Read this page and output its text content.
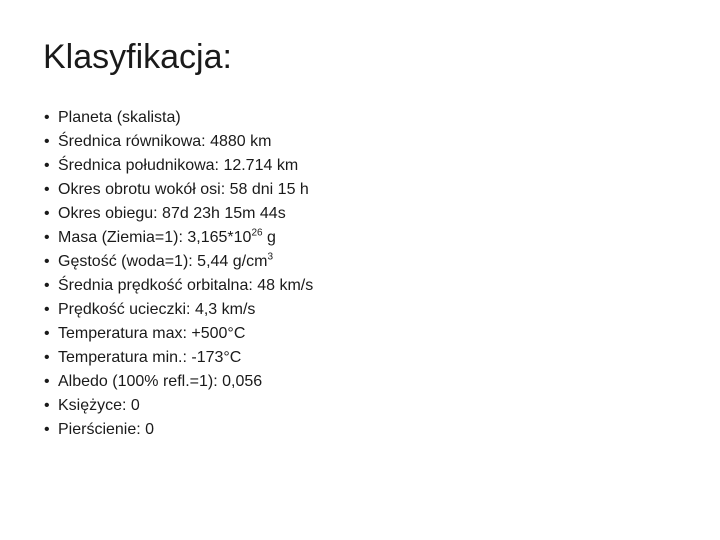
Klasyfikacja:
• Planeta (skalista)
• Średnica równikowa: 4880 km
• Średnica południkowa: 12.714 km
• Okres obrotu wokół osi: 58 dni 15 h
• Okres obiegu: 87d 23h 15m 44s
• Masa (Ziemia=1): $3,165*10^{26}$ g
• Gęstość (woda=1): 5,44 $g/cm^3$
• Średnia prędkość orbitalna: 48 km/s
• Prędkość ucieczki: 4,3 km/s
• Temperatura max: +500°C
• Temperatura min.: -173°C
• Albedo (100% refl.=1): 0,056
• Księżyce: 0
• Pierścienie: 0
